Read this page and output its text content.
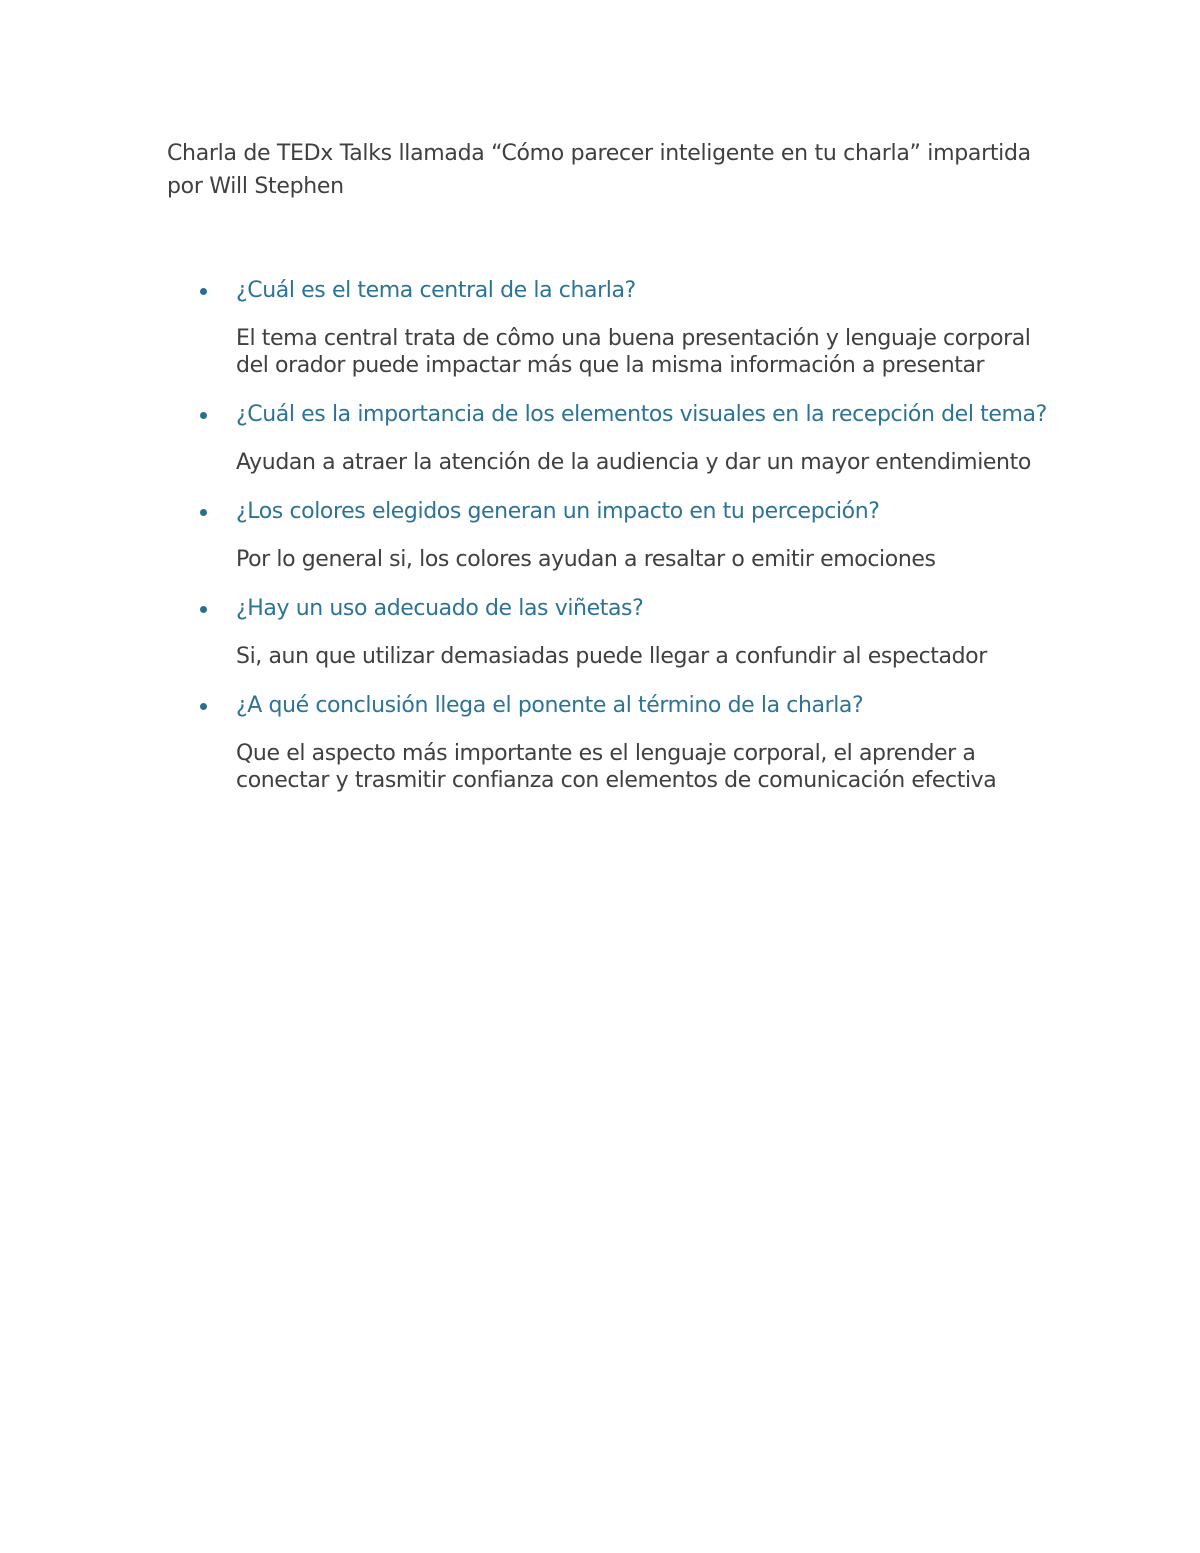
Charla de TEDx Talks llamada “Cómo parecer inteligente en tu charla” impartida por Will Stephen

¿Cuál es el tema central de la charla?

El tema central trata de cômo una buena presentación y lenguaje corporal del orador puede impactar más que la misma información a presentar

¿Cuál es la importancia de los elementos visuales en la recepción del tema?

Ayudan a atraer la atención de la audiencia y dar un mayor entendimiento

¿Los colores elegidos generan un impacto en tu percepción?

Por lo general si, los colores ayudan a resaltar o emitir emociones

¿Hay un uso adecuado de las viñetas?

Si, aun que utilizar demasiadas puede llegar a confundir al espectador

¿A qué conclusión llega el ponente al término de la charla?

Que el aspecto más importante es el lenguaje corporal, el aprender a conectar y trasmitir confianza con elementos de comunicación efectiva
